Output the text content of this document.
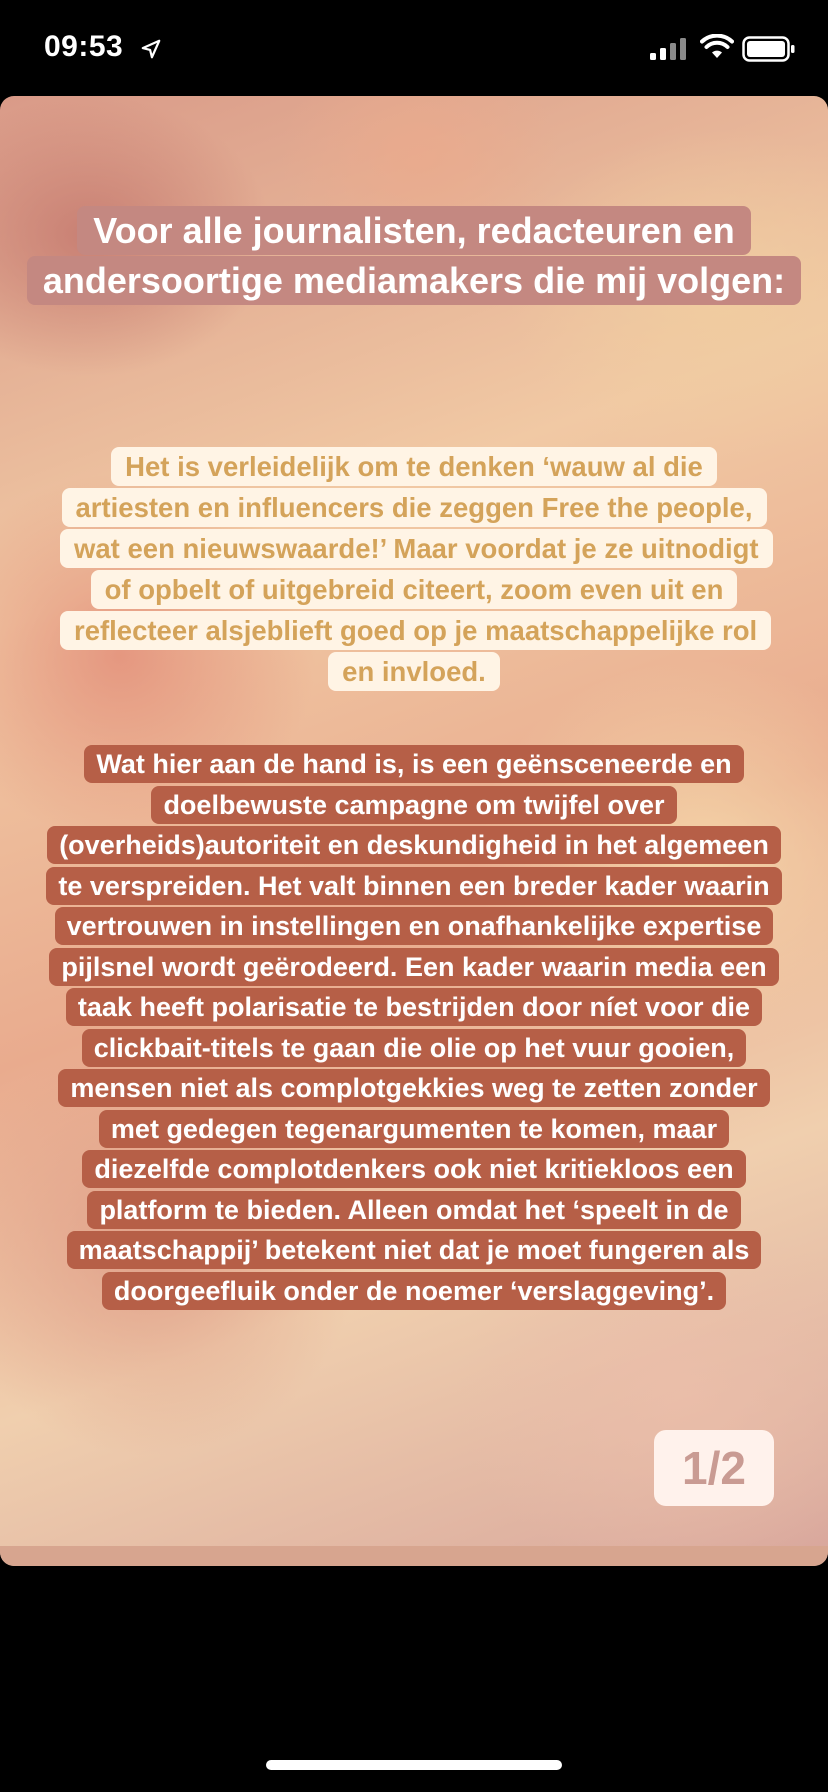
09:53

Voor alle journalisten, redacteuren en andersoortige mediamakers die mij volgen:

Het is verleidelijk om te denken ‘wauw al die artiesten en influencers die zeggen Free the people, wat een nieuwswaarde!’ Maar voordat je ze uitnodigt of opbelt of uitgebreid citeert, zoom even uit en reflecteer alsjeblieft goed op je maatschappelijke rol en invloed.

Wat hier aan de hand is, is een geënsceneerde en doelbewuste campagne om twijfel over (overheids)autoriteit en deskundigheid in het algemeen te verspreiden. Het valt binnen een breder kader waarin vertrouwen in instellingen en onafhankelijke expertise pijlsnel wordt geërodeerd. Een kader waarin media een taak heeft polarisatie te bestrijden door níet voor die clickbait-titels te gaan die olie op het vuur gooien, mensen niet als complotgekkies weg te zetten zonder met gedegen tegenargumenten te komen, maar diezelfde complotdenkers ook niet kritiekloos een platform te bieden. Alleen omdat het ‘speelt in de maatschappij’ betekent niet dat je moet fungeren als doorgeefluik onder de noemer ‘verslaggeving’.

1/2
